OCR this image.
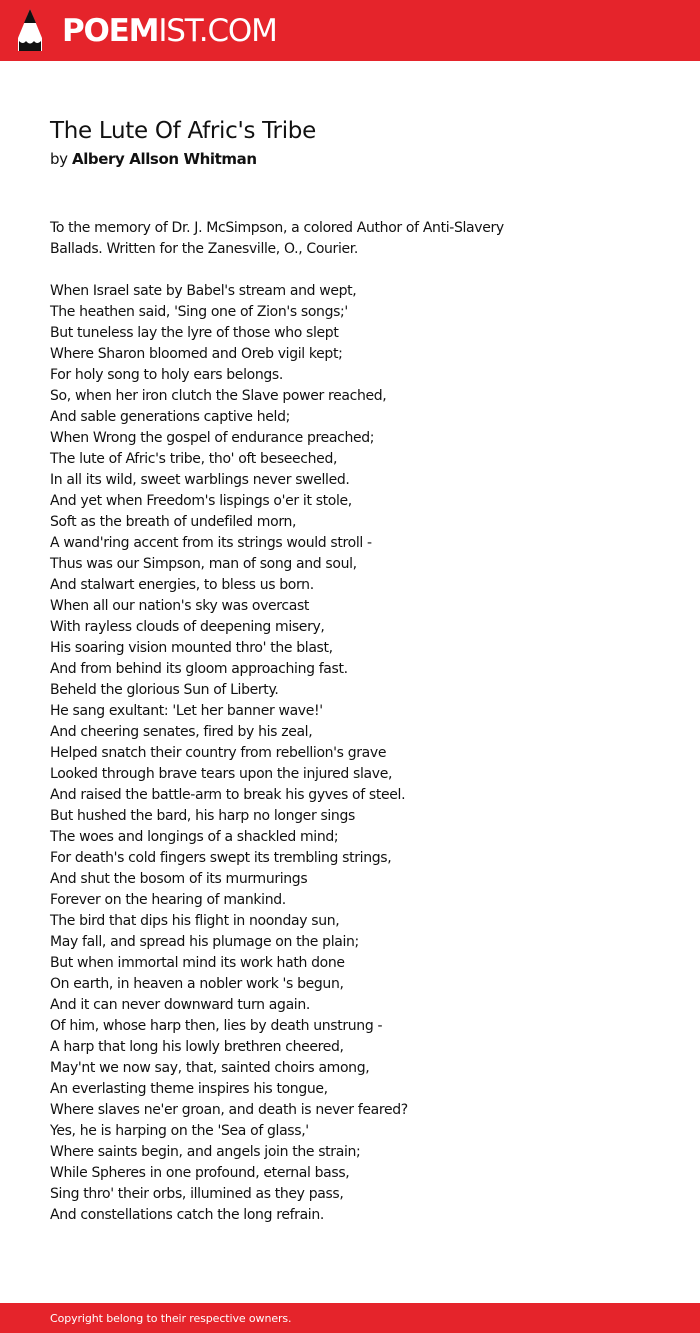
POEMIST.COM
The Lute Of Afric's Tribe
by Albery Allson Whitman

To the memory of Dr. J. McSimpson, a colored Author of Anti-Slavery Ballads. Written for the Zanesville, O., Courier.

When Israel sate by Babel's stream and wept,
The heathen said, 'Sing one of Zion's songs;'
But tuneless lay the lyre of those who slept
Where Sharon bloomed and Oreb vigil kept;
For holy song to holy ears belongs.
So, when her iron clutch the Slave power reached,
And sable generations captive held;
When Wrong the gospel of endurance preached;
The lute of Afric's tribe, tho' oft beseeched,
In all its wild, sweet warblings never swelled.
And yet when Freedom's lispings o'er it stole,
Soft as the breath of undefiled morn,
A wand'ring accent from its strings would stroll -
Thus was our Simpson, man of song and soul,
And stalwart energies, to bless us born.
When all our nation's sky was overcast
With rayless clouds of deepening misery,
His soaring vision mounted thro' the blast,
And from behind its gloom approaching fast.
Beheld the glorious Sun of Liberty.
He sang exultant: 'Let her banner wave!'
And cheering senates, fired by his zeal,
Helped snatch their country from rebellion's grave
Looked through brave tears upon the injured slave,
And raised the battle-arm to break his gyves of steel.
But hushed the bard, his harp no longer sings
The woes and longings of a shackled mind;
For death's cold fingers swept its trembling strings,
And shut the bosom of its murmurings
Forever on the hearing of mankind.
The bird that dips his flight in noonday sun,
May fall, and spread his plumage on the plain;
But when immortal mind its work hath done
On earth, in heaven a nobler work 's begun,
And it can never downward turn again.
Of him, whose harp then, lies by death unstrung -
A harp that long his lowly brethren cheered,
May'nt we now say, that, sainted choirs among,
An everlasting theme inspires his tongue,
Where slaves ne'er groan, and death is never feared?
Yes, he is harping on the 'Sea of glass,'
Where saints begin, and angels join the strain;
While Spheres in one profound, eternal bass,
Sing thro' their orbs, illumined as they pass,
And constellations catch the long refrain.
Copyright belong to their respective owners.
